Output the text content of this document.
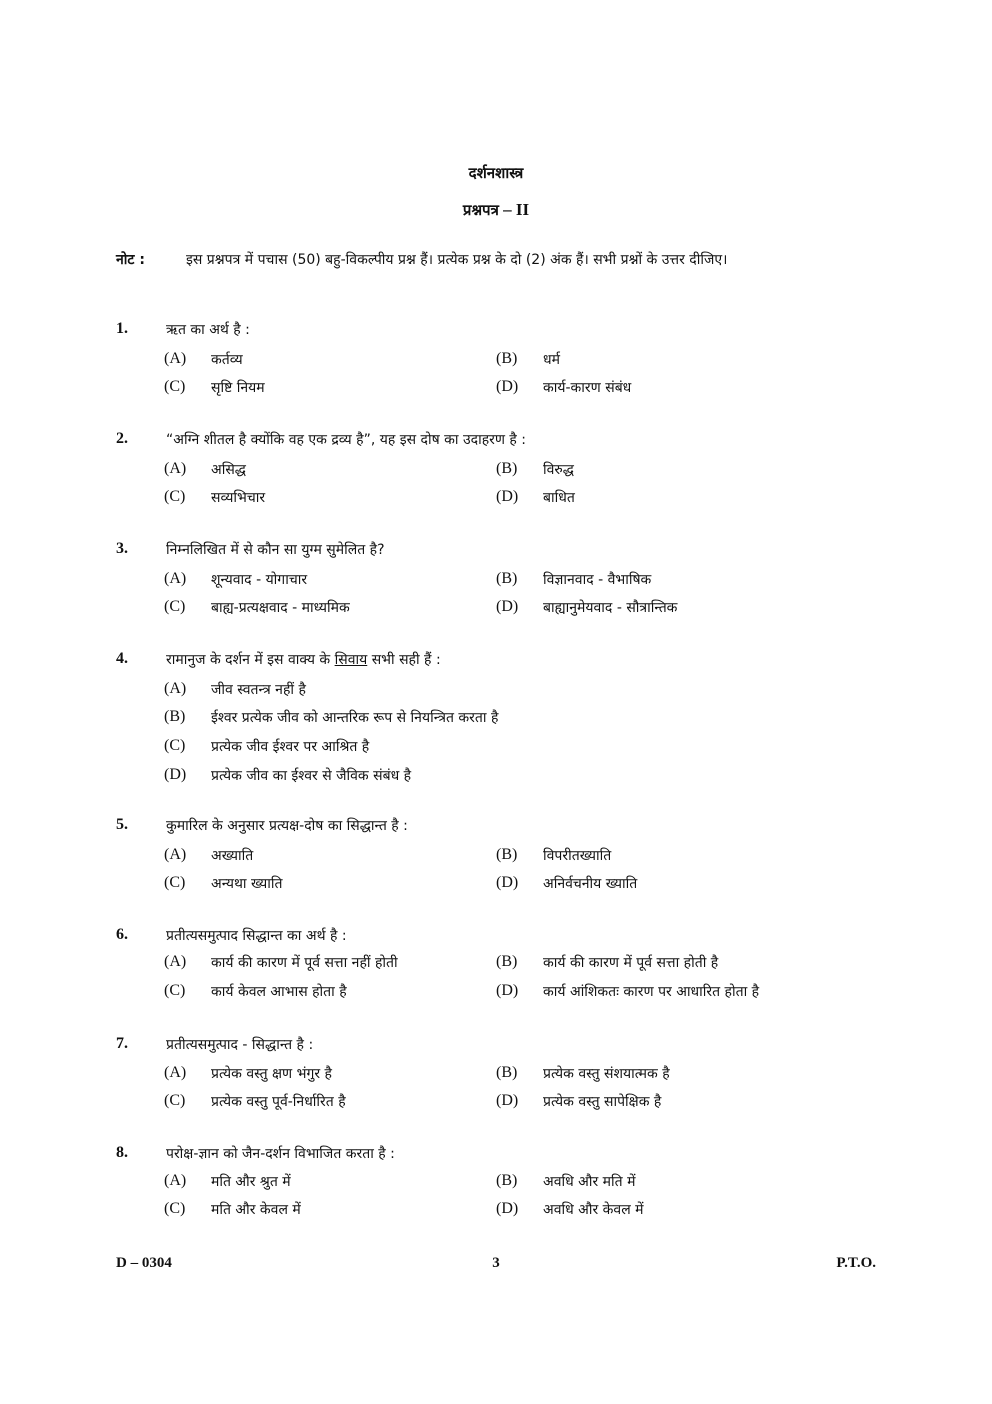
दर्शनशास्त्र
प्रश्नपत्र – II
नोट :	इस प्रश्नपत्र में पचास (50) बहु-विकल्पीय प्रश्न हैं। प्रत्येक प्रश्न के दो (2) अंक हैं। सभी प्रश्नों के उत्तर दीजिए।
1.	ऋत का अर्थ है :
(A) कर्तव्य	(B) धर्म
(C) सृष्टि नियम	(D) कार्य-कारण संबंध
2.	“अग्नि शीतल है क्योंकि वह एक द्रव्य है”, यह इस दोष का उदाहरण है :
(A) असिद्ध	(B) विरुद्ध
(C) सव्यभिचार	(D) बाधित
3.	निम्नलिखित में से कौन सा युग्म सुमेलित है?
(A) शून्यवाद - योगाचार	(B) विज्ञानवाद - वैभाषिक
(C) बाह्य-प्रत्यक्षवाद - माध्यमिक	(D) बाह्यानुमेयवाद - सौत्रान्तिक
4.	रामानुज के दर्शन में इस वाक्य के सिवाय सभी सही हैं :
(A) जीव स्वतन्त्र नहीं है
(B) ईश्वर प्रत्येक जीव को आन्तरिक रूप से नियन्त्रित करता है
(C) प्रत्येक जीव ईश्वर पर आश्रित है
(D) प्रत्येक जीव का ईश्वर से जैविक संबंध है
5.	कुमारिल के अनुसार प्रत्यक्ष-दोष का सिद्धान्त है :
(A) अख्याति	(B) विपरीतख्याति
(C) अन्यथा ख्याति	(D) अनिर्वचनीय ख्याति
6.	प्रतीत्यसमुत्पाद सिद्धान्त का अर्थ है :
(A) कार्य की कारण में पूर्व सत्ता नहीं होती	(B) कार्य की कारण में पूर्व सत्ता होती है
(C) कार्य केवल आभास होता है	(D) कार्य आंशिकतः कारण पर आधारित होता है
7.	प्रतीत्यसमुत्पाद - सिद्धान्त है :
(A) प्रत्येक वस्तु क्षण भंगुर है	(B) प्रत्येक वस्तु संशयात्मक है
(C) प्रत्येक वस्तु पूर्व-निर्धारित है	(D) प्रत्येक वस्तु सापेक्षिक है
8.	परोक्ष-ज्ञान को जैन-दर्शन विभाजित करता है :
(A) मति और श्रुत में	(B) अवधि और मति में
(C) मति और केवल में	(D) अवधि और केवल में
D – 0304	3	P.T.O.
